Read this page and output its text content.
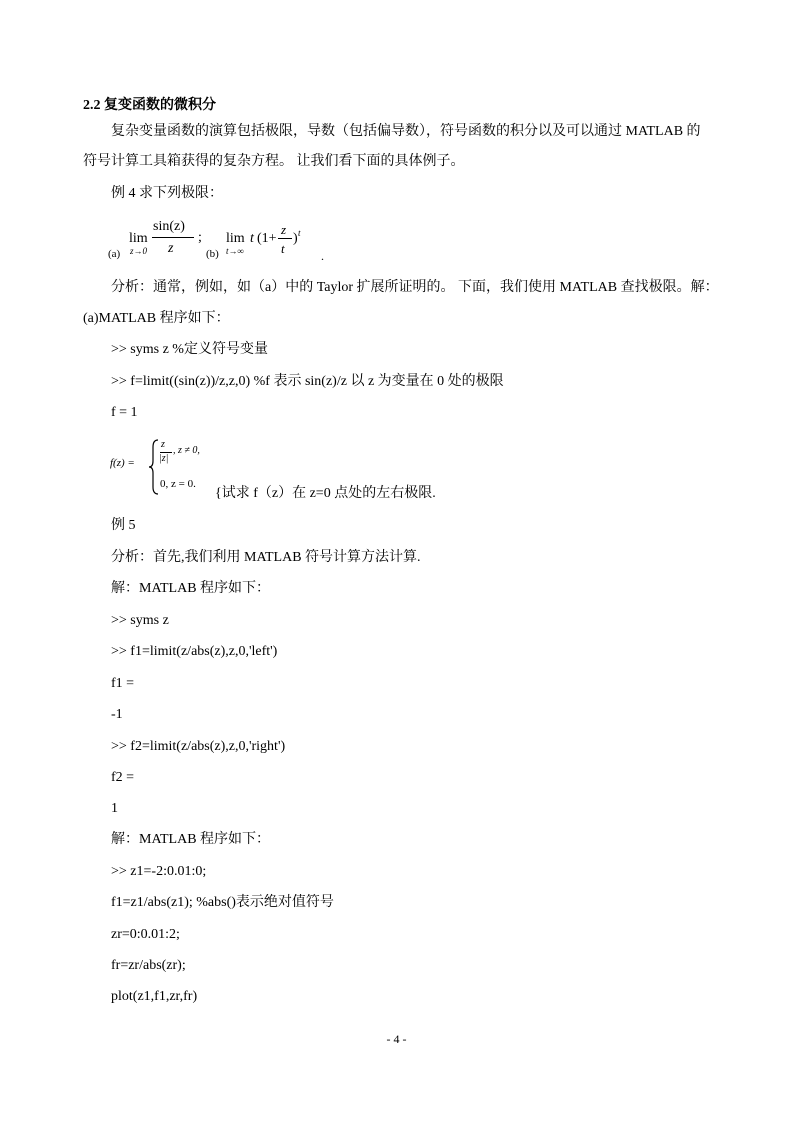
2.2 复变函数的微积分
复杂变量函数的演算包括极限，导数（包括偏导数），符号函数的积分以及可以通过 MATLAB 的
符号计算工具箱获得的复杂方程。 让我们看下面的具体例子。
例 4 求下列极限：
(a)
lim
z→0
sin(z)
z
;
(b)
lim
t→∞
t (1+
z
t
) t
.
分析：通常，例如，如（a）中的 Taylor 扩展所证明的。 下面，我们使用 MATLAB 查找极限。解：
(a)MATLAB 程序如下：
>> syms z %定义符号变量
>> f=limit((sin(z))/z,z,0) %f 表示 sin(z)/z 以 z 为变量在 0 处的极限
f = 1
f(z) =
z
|z|
, z ≠ 0,
0, z = 0.
{试求 f（z）在 z=0 点处的左右极限.
例 5
分析：首先,我们利用 MATLAB 符号计算方法计算.
解：MATLAB 程序如下：
>> syms z
>> f1=limit(z/abs(z),z,0,'left')
f1 =
-1
>> f2=limit(z/abs(z),z,0,'right')
f2 =
1
解：MATLAB 程序如下：
>> z1=-2:0.01:0;
f1=z1/abs(z1); %abs()表示绝对值符号
zr=0:0.01:2;
fr=zr/abs(zr);
plot(z1,f1,zr,fr)
- 4 -
